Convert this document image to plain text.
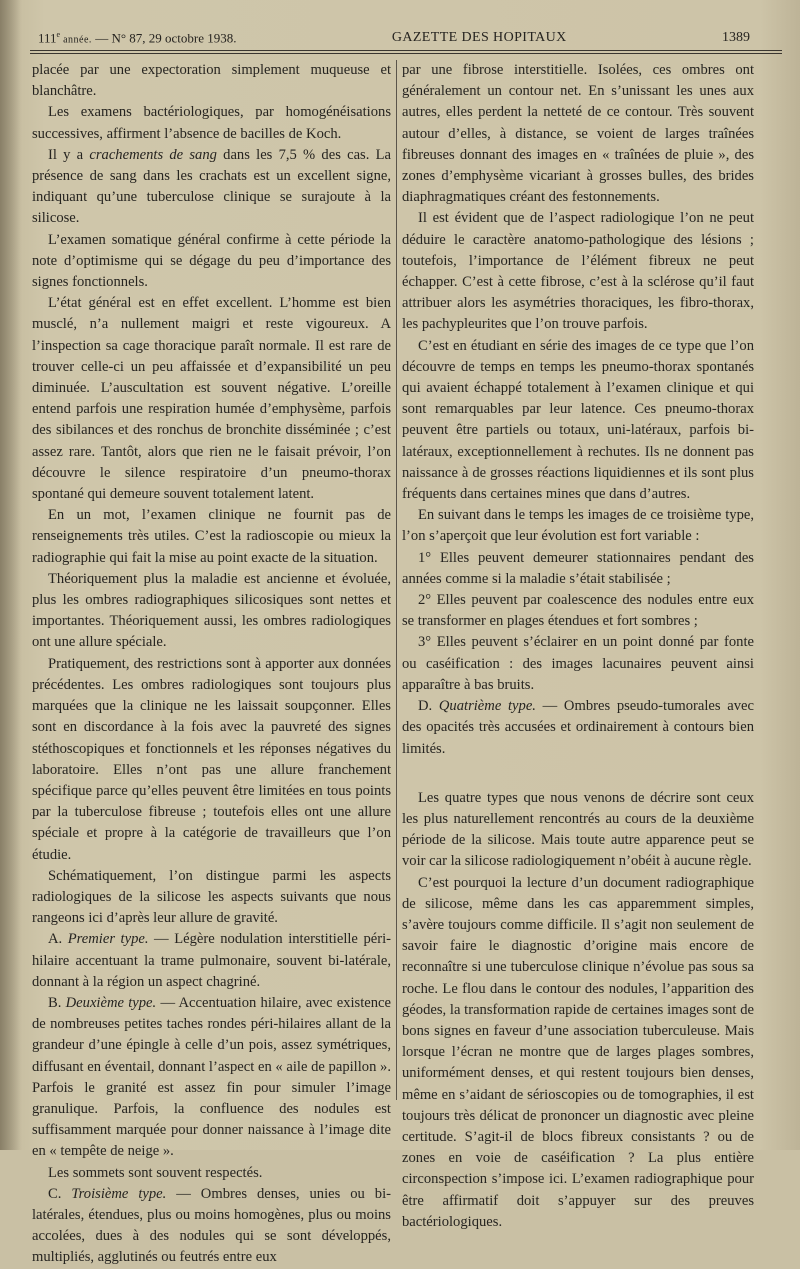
111e année. — N° 87, 29 octobre 1938.	GAZETTE DES HOPITAUX	1389

placée par une expectoration simplement muqueuse et blanchâtre.

Les examens bactériologiques, par homogénéisations successives, affirment l’absence de bacilles de Koch.

Il y a crachements de sang dans les 7,5 % des cas. La présence de sang dans les crachats est un excellent signe, indiquant qu’une tuberculose clinique se surajoute à la silicose.

L’examen somatique général confirme à cette période la note d’optimisme qui se dégage du peu d’importance des signes fonctionnels.

L’état général est en effet excellent. L’homme est bien musclé, n’a nullement maigri et reste vigoureux. A l’inspection sa cage thoracique paraît normale. Il est rare de trouver celle-ci un peu affaissée et d’expansibilité un peu diminuée. L’auscultation est souvent négative. L’oreille entend parfois une respiration humée d’emphysème, parfois des sibilances et des ronchus de bronchite disséminée ; c’est assez rare. Tantôt, alors que rien ne le faisait prévoir, l’on découvre le silence respiratoire d’un pneumo-thorax spontané qui demeure souvent totalement latent.

En un mot, l’examen clinique ne fournit pas de renseignements très utiles. C’est la radioscopie ou mieux la radiographie qui fait la mise au point exacte de la situation.

Théoriquement plus la maladie est ancienne et évoluée, plus les ombres radiographiques silicosiques sont nettes et importantes. Théoriquement aussi, les ombres radiologiques ont une allure spéciale.

Pratiquement, des restrictions sont à apporter aux données précédentes. Les ombres radiologiques sont toujours plus marquées que la clinique ne les laissait soupçonner. Elles sont en discordance à la fois avec la pauvreté des signes stéthoscopiques et fonctionnels et les réponses négatives du laboratoire. Elles n’ont pas une allure franchement spécifique parce qu’elles peuvent être limitées en tous points par la tuberculose fibreuse ; toutefois elles ont une allure spéciale et propre à la catégorie de travailleurs que l’on étudie.

Schématiquement, l’on distingue parmi les aspects radiologiques de la silicose les aspects suivants que nous rangeons ici d’après leur allure de gravité.

A. Premier type. — Légère nodulation interstitielle péri-hilaire accentuant la trame pulmonaire, souvent bi-latérale, donnant à la région un aspect chagriné.

B. Deuxième type. — Accentuation hilaire, avec existence de nombreuses petites taches rondes péri-hilaires allant de la grandeur d’une épingle à celle d’un pois, assez symétriques, diffusant en éventail, donnant l’aspect en « aile de papillon ». Parfois le granité est assez fin pour simuler l’image granulique. Parfois, la confluence des nodules est suffisamment marquée pour donner naissance à l’image dite en « tempête de neige ».

Les sommets sont souvent respectés.

C. Troisième type. — Ombres denses, unies ou bi-latérales, étendues, plus ou moins homogènes, plus ou moins accolées, dues à des nodules qui se sont développés, multipliés, agglutinés ou feutrés entre eux

par une fibrose interstitielle. Isolées, ces ombres ont généralement un contour net. En s’unissant les unes aux autres, elles perdent la netteté de ce contour. Très souvent autour d’elles, à distance, se voient de larges traînées fibreuses donnant des images en « traînées de pluie », des zones d’emphysème vicariant à grosses bulles, des brides diaphragmatiques créant des festonnements.

Il est évident que de l’aspect radiologique l’on ne peut déduire le caractère anatomo-pathologique des lésions ; toutefois, l’importance de l’élément fibreux ne peut échapper. C’est à cette fibrose, c’est à la sclérose qu’il faut attribuer alors les asymétries thoraciques, les fibro-thorax, les pachypleurites que l’on trouve parfois.

C’est en étudiant en série des images de ce type que l’on découvre de temps en temps les pneumo-thorax spontanés qui avaient échappé totalement à l’examen clinique et qui sont remarquables par leur latence. Ces pneumo-thorax peuvent être partiels ou totaux, uni-latéraux, parfois bi-latéraux, exceptionnellement à rechutes. Ils ne donnent pas naissance à de grosses réactions liquidiennes et ils sont plus fréquents dans certaines mines que dans d’autres.

En suivant dans le temps les images de ce troisième type, l’on s’aperçoit que leur évolution est fort variable :

1° Elles peuvent demeurer stationnaires pendant des années comme si la maladie s’était stabilisée ;

2° Elles peuvent par coalescence des nodules entre eux se transformer en plages étendues et fort sombres ;

3° Elles peuvent s’éclairer en un point donné par fonte ou caséification : des images lacunaires peuvent ainsi apparaître à bas bruits.

D. Quatrième type. — Ombres pseudo-tumorales avec des opacités très accusées et ordinairement à contours bien limités.

Les quatre types que nous venons de décrire sont ceux les plus naturellement rencontrés au cours de la deuxième période de la silicose. Mais toute autre apparence peut se voir car la silicose radiologiquement n’obéit à aucune règle.

C’est pourquoi la lecture d’un document radiographique de silicose, même dans les cas apparemment simples, s’avère toujours comme difficile. Il s’agit non seulement de savoir faire le diagnostic d’origine mais encore de reconnaître si une tuberculose clinique n’évolue pas sous sa roche. Le flou dans le contour des nodules, l’apparition des géodes, la transformation rapide de certaines images sont de bons signes en faveur d’une association tuberculeuse. Mais lorsque l’écran ne montre que de larges plages sombres, uniformément denses, et qui restent toujours bien denses, même en s’aidant de sérioscopies ou de tomographies, il est toujours très délicat de prononcer un diagnostic avec pleine certitude. S’agit-il de blocs fibreux consistants ? ou de zones en voie de caséification ? La plus entière circonspection s’impose ici. L’examen radiographique pour être affirmatif doit s’appuyer sur des preuves bactériologiques.
